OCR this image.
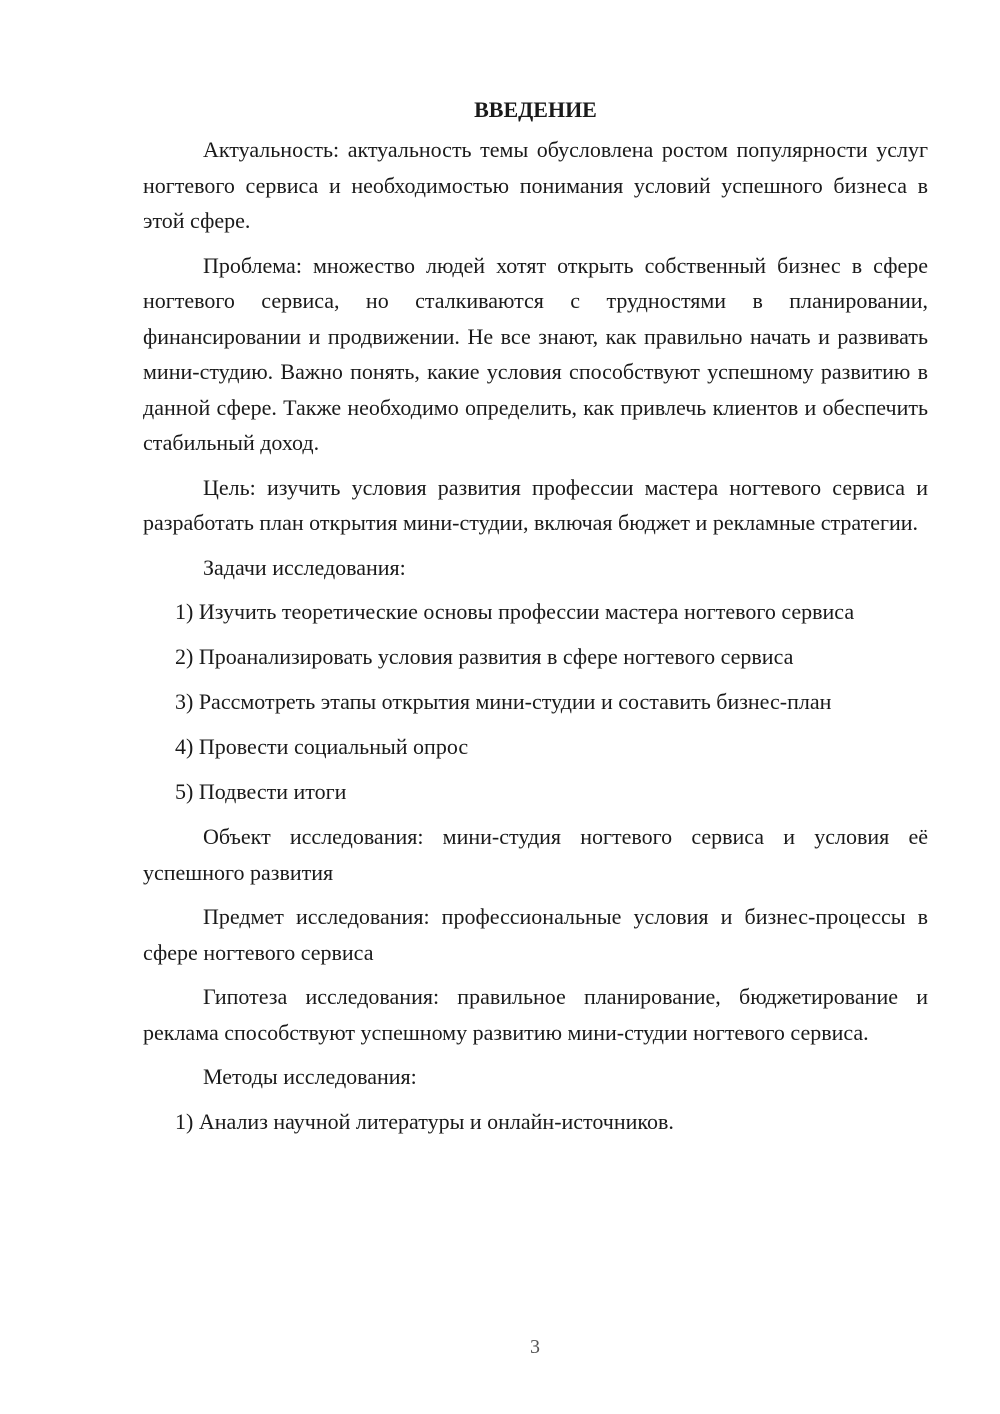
ВВЕДЕНИЕ

Актуальность: актуальность темы обусловлена ростом популярности услуг ногтевого сервиса и необходимостью понимания условий успешного бизнеса в этой сфере.

Проблема: множество людей хотят открыть собственный бизнес в сфере ногтевого сервиса, но сталкиваются с трудностями в планировании, финансировании и продвижении. Не все знают, как правильно начать и развивать мини-студию. Важно понять, какие условия способствуют успешному развитию в данной сфере. Также необходимо определить, как привлечь клиентов и обеспечить стабильный доход.

Цель: изучить условия развития профессии мастера ногтевого сервиса и разработать план открытия мини-студии, включая бюджет и рекламные стратегии.

Задачи исследования:

1) Изучить теоретические основы профессии мастера ногтевого сервиса

2) Проанализировать условия развития в сфере ногтевого сервиса

3) Рассмотреть этапы открытия мини-студии и составить бизнес-план

4) Провести социальный опрос

5) Подвести итоги

Объект исследования: мини-студия ногтевого сервиса и условия её успешного развития

Предмет исследования: профессиональные условия и бизнес-процессы в сфере ногтевого сервиса

Гипотеза исследования: правильное планирование, бюджетирование и реклама способствуют успешному развитию мини-студии ногтевого сервиса.

Методы исследования:

1) Анализ научной литературы и онлайн-источников.

3
